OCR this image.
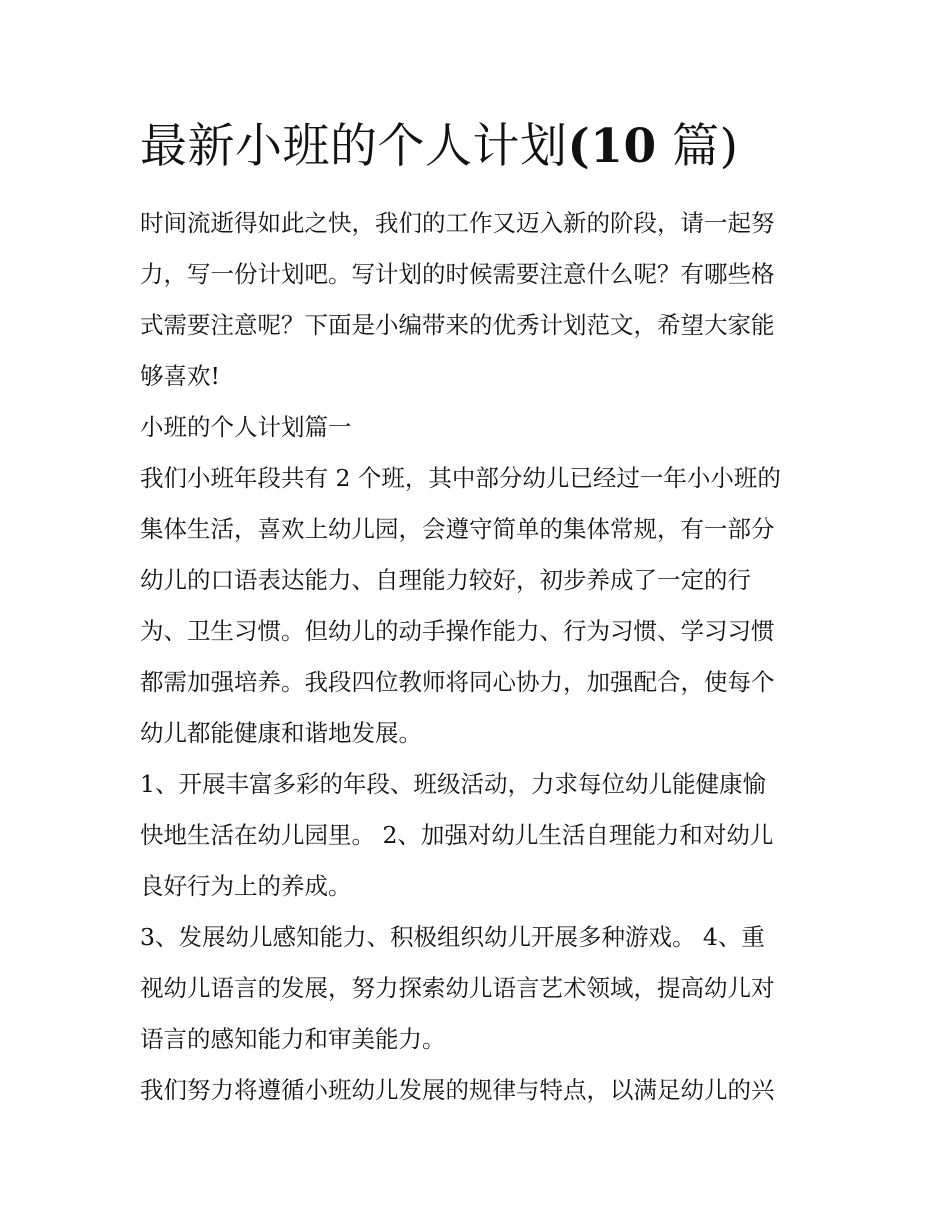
最新小班的个人计划(10 篇)
时间流逝得如此之快，我们的工作又迈入新的阶段，请一起努
力，写一份计划吧。写计划的时候需要注意什么呢？有哪些格
式需要注意呢？下面是小编带来的优秀计划范文，希望大家能
够喜欢!
小班的个人计划篇一
我们小班年段共有 2 个班，其中部分幼儿已经过一年小小班的
集体生活，喜欢上幼儿园，会遵守简单的集体常规，有一部分
幼儿的口语表达能力、自理能力较好，初步养成了一定的行
为、卫生习惯。但幼儿的动手操作能力、行为习惯、学习习惯
都需加强培养。我段四位教师将同心协力，加强配合，使每个
幼儿都能健康和谐地发展。
1、开展丰富多彩的年段、班级活动，力求每位幼儿能健康愉
快地生活在幼儿园里。 2、加强对幼儿生活自理能力和对幼儿
良好行为上的养成。
3、发展幼儿感知能力、积极组织幼儿开展多种游戏。 4、重
视幼儿语言的发展，努力探索幼儿语言艺术领域，提高幼儿对
语言的感知能力和审美能力。
我们努力将遵循小班幼儿发展的规律与特点，以满足幼儿的兴
